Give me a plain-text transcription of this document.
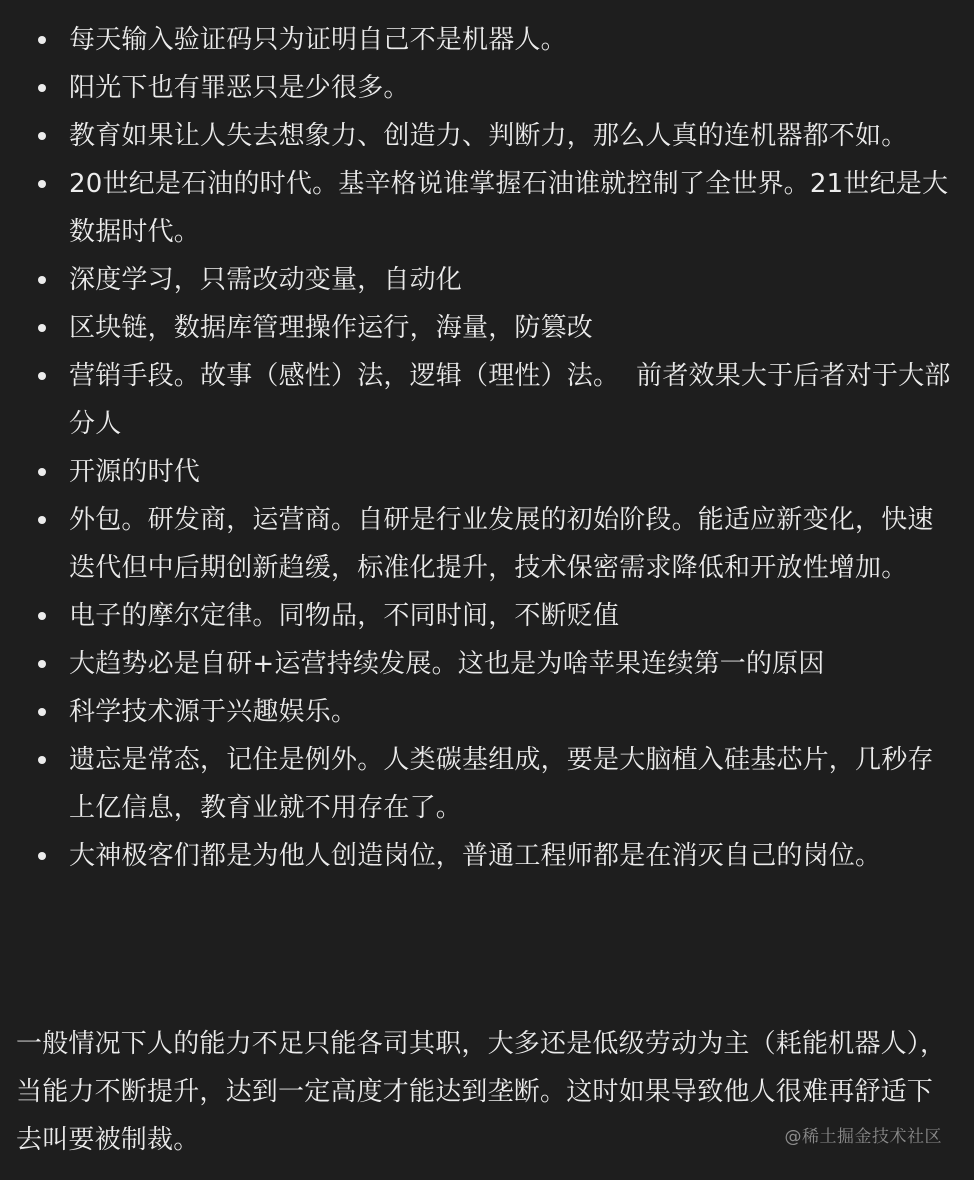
每天输入验证码只为证明自己不是机器人。
阳光下也有罪恶只是少很多。
教育如果让人失去想象力、创造力、判断力，那么人真的连机器都不如。
20世纪是石油的时代。基辛格说谁掌握石油谁就控制了全世界。21世纪是大数据时代。
深度学习，只需改动变量，自动化
区块链，数据库管理操作运行，海量，防篡改
营销手段。故事（感性）法，逻辑（理性）法。  前者效果大于后者对于大部分人
开源的时代
外包。研发商，运营商。自研是行业发展的初始阶段。能适应新变化，快速迭代但中后期创新趋缓，标准化提升，技术保密需求降低和开放性增加。
电子的摩尔定律。同物品，不同时间，不断贬值
大趋势必是自研+运营持续发展。这也是为啥苹果连续第一的原因
科学技术源于兴趣娱乐。
遗忘是常态，记住是例外。人类碳基组成，要是大脑植入硅基芯片，几秒存上亿信息，教育业就不用存在了。
大神极客们都是为他人创造岗位，普通工程师都是在消灭自己的岗位。

一般情况下人的能力不足只能各司其职，大多还是低级劳动为主（耗能机器人），当能力不断提升，达到一定高度才能达到垄断。这时如果导致他人很难再舒适下去叫要被制裁。	@稀土掘金技术社区
